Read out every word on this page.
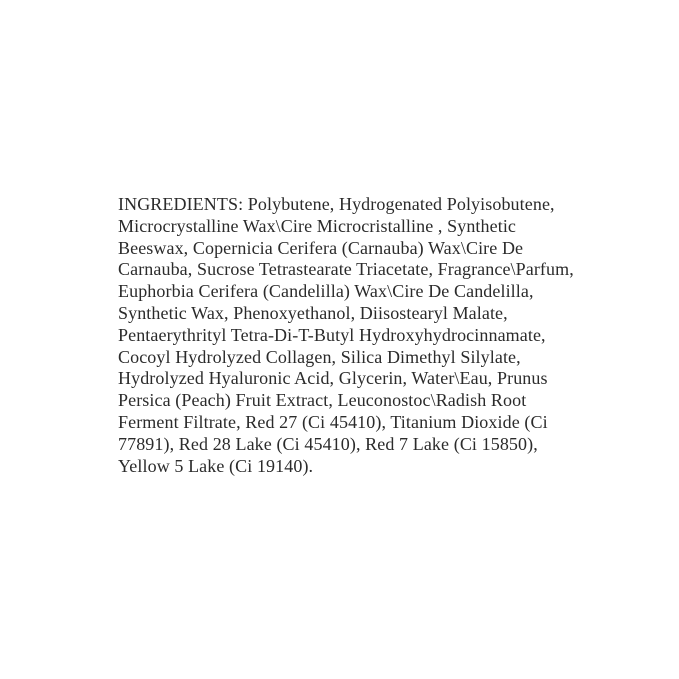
INGREDIENTS: Polybutene, Hydrogenated Polyisobutene,
Microcrystalline Wax\Cire Microcristalline , Synthetic
Beeswax, Copernicia Cerifera (Carnauba) Wax\Cire De
Carnauba, Sucrose Tetrastearate Triacetate, Fragrance\Parfum,
Euphorbia Cerifera (Candelilla) Wax\Cire De Candelilla,
Synthetic Wax, Phenoxyethanol, Diisostearyl Malate,
Pentaerythrityl Tetra-Di-T-Butyl Hydroxyhydrocinnamate,
Cocoyl Hydrolyzed Collagen, Silica Dimethyl Silylate,
Hydrolyzed Hyaluronic Acid, Glycerin, Water\Eau, Prunus
Persica (Peach) Fruit Extract, Leuconostoc\Radish Root
Ferment Filtrate, Red 27 (Ci 45410), Titanium Dioxide (Ci
77891), Red 28 Lake (Ci 45410), Red 7 Lake (Ci 15850),
Yellow 5 Lake (Ci 19140).
